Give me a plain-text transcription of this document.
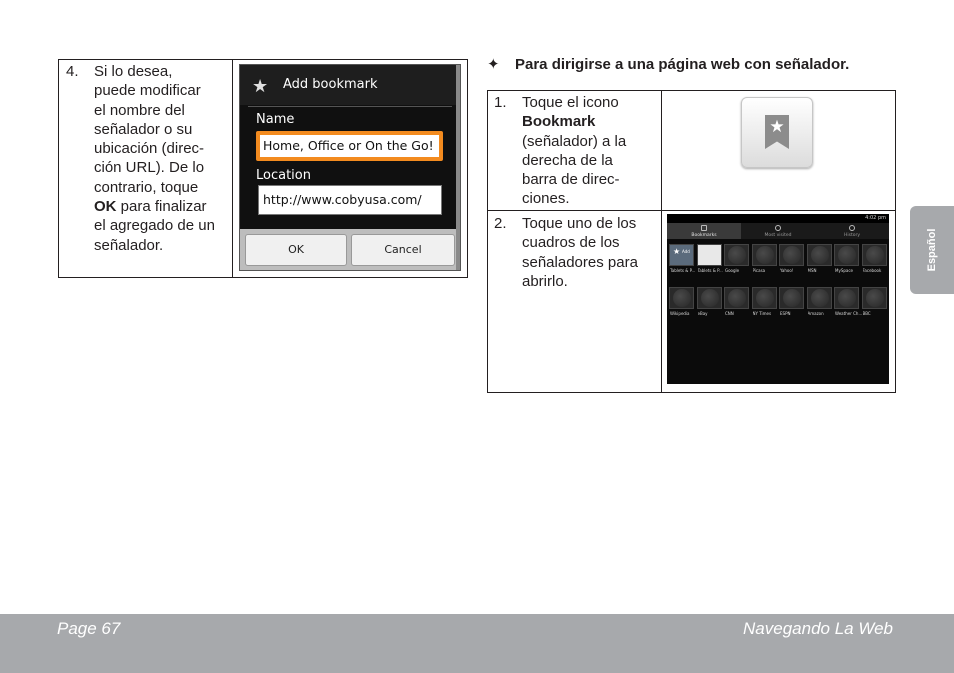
4. Si lo desea,
puede modificar
el nombre del
señalador o su
ubicación (direc-
ción URL). De lo
contrario, toque
OK para finalizar
el agregado de un
señalador.
★ Add bookmark
Name
Home, Office or On the Go!
Location
http://www.cobyusa.com/
OK	Cancel
✦ Para dirigirse a una página web con señalador.
1. Toque el icono
Bookmark
(señalador) a la
derecha de la
barra de direc-
ciones.
★
2. Toque uno de los
cuadros de los
señaladores para
abrirlo.
4:02 pm
Bookmarks	Most visited	History
★ Add
Tablets & P... Tablets & P... Google	Picasa	Yahoo!	MSN	MySpace	Facebook
Wikipedia	eBay	CNN	NY Times	ESPN	Amazon	Weather Ch... BBC
Español
Page 67	Navegando La Web
